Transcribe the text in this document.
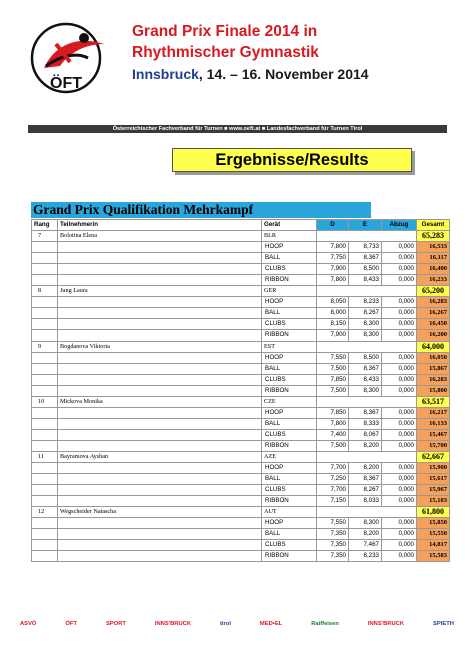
ÖFT
Grand Prix Finale 2014 in
Rhythmischer Gymnastik
Innsbruck, 14. – 16. November 2014
Österreichischer Fachverband für Turnen ■ www.oeft.at ■ Landesfachverband für Turnen Tirol
Ergebnisse/Results
Grand Prix Qualifikation Mehrkampf
Rang	Teilnehmerin	Gerät	D	E	Abzug	Gesamt
7	Bolotina Elena	BLR				65,283
		HOOP	7,800	8,733	0,000	16,533
		BALL	7,750	8,367	0,000	16,117
		CLUBS	7,900	8,500	0,000	16,400
		RIBBON	7,800	8,433	0,000	16,233
8	Jung Laura	GER				65,200
		HOOP	8,050	8,233	0,000	16,283
		BALL	8,000	8,267	0,000	16,267
		CLUBS	8,150	8,300	0,000	16,450
		RIBBON	7,900	8,300	0,000	16,200
9	Bogdanova Viktoria	EST				64,000
		HOOP	7,550	8,500	0,000	16,050
		BALL	7,500	8,367	0,000	15,867
		CLUBS	7,850	8,433	0,000	16,283
		RIBBON	7,500	8,300	0,000	15,800
10	Mickova Monika	CZE				63,517
		HOOP	7,850	8,367	0,000	16,217
		BALL	7,800	8,333	0,000	16,133
		CLUBS	7,400	8,067	0,000	15,467
		RIBBON	7,500	8,200	0,000	15,700
11	Bayramova Ayshan	AZE				62,667
		HOOP	7,700	8,200	0,000	15,900
		BALL	7,250	8,367	0,000	15,617
		CLUBS	7,700	8,267	0,000	15,967
		RIBBON	7,150	8,033	0,000	15,183
12	Wegscheider Natascha	AUT				61,800
		HOOP	7,550	8,300	0,000	15,850
		BALL	7,350	8,200	0,000	15,550
		CLUBS	7,350	7,467	0,000	14,817
		RIBBON	7,350	8,233	0,000	15,583
ASVÖ	ÖFT	SPORT	INNS'BRUCK	tirol	MED•EL	Raiffeisen	INNS'BRUCK	SPIETH
